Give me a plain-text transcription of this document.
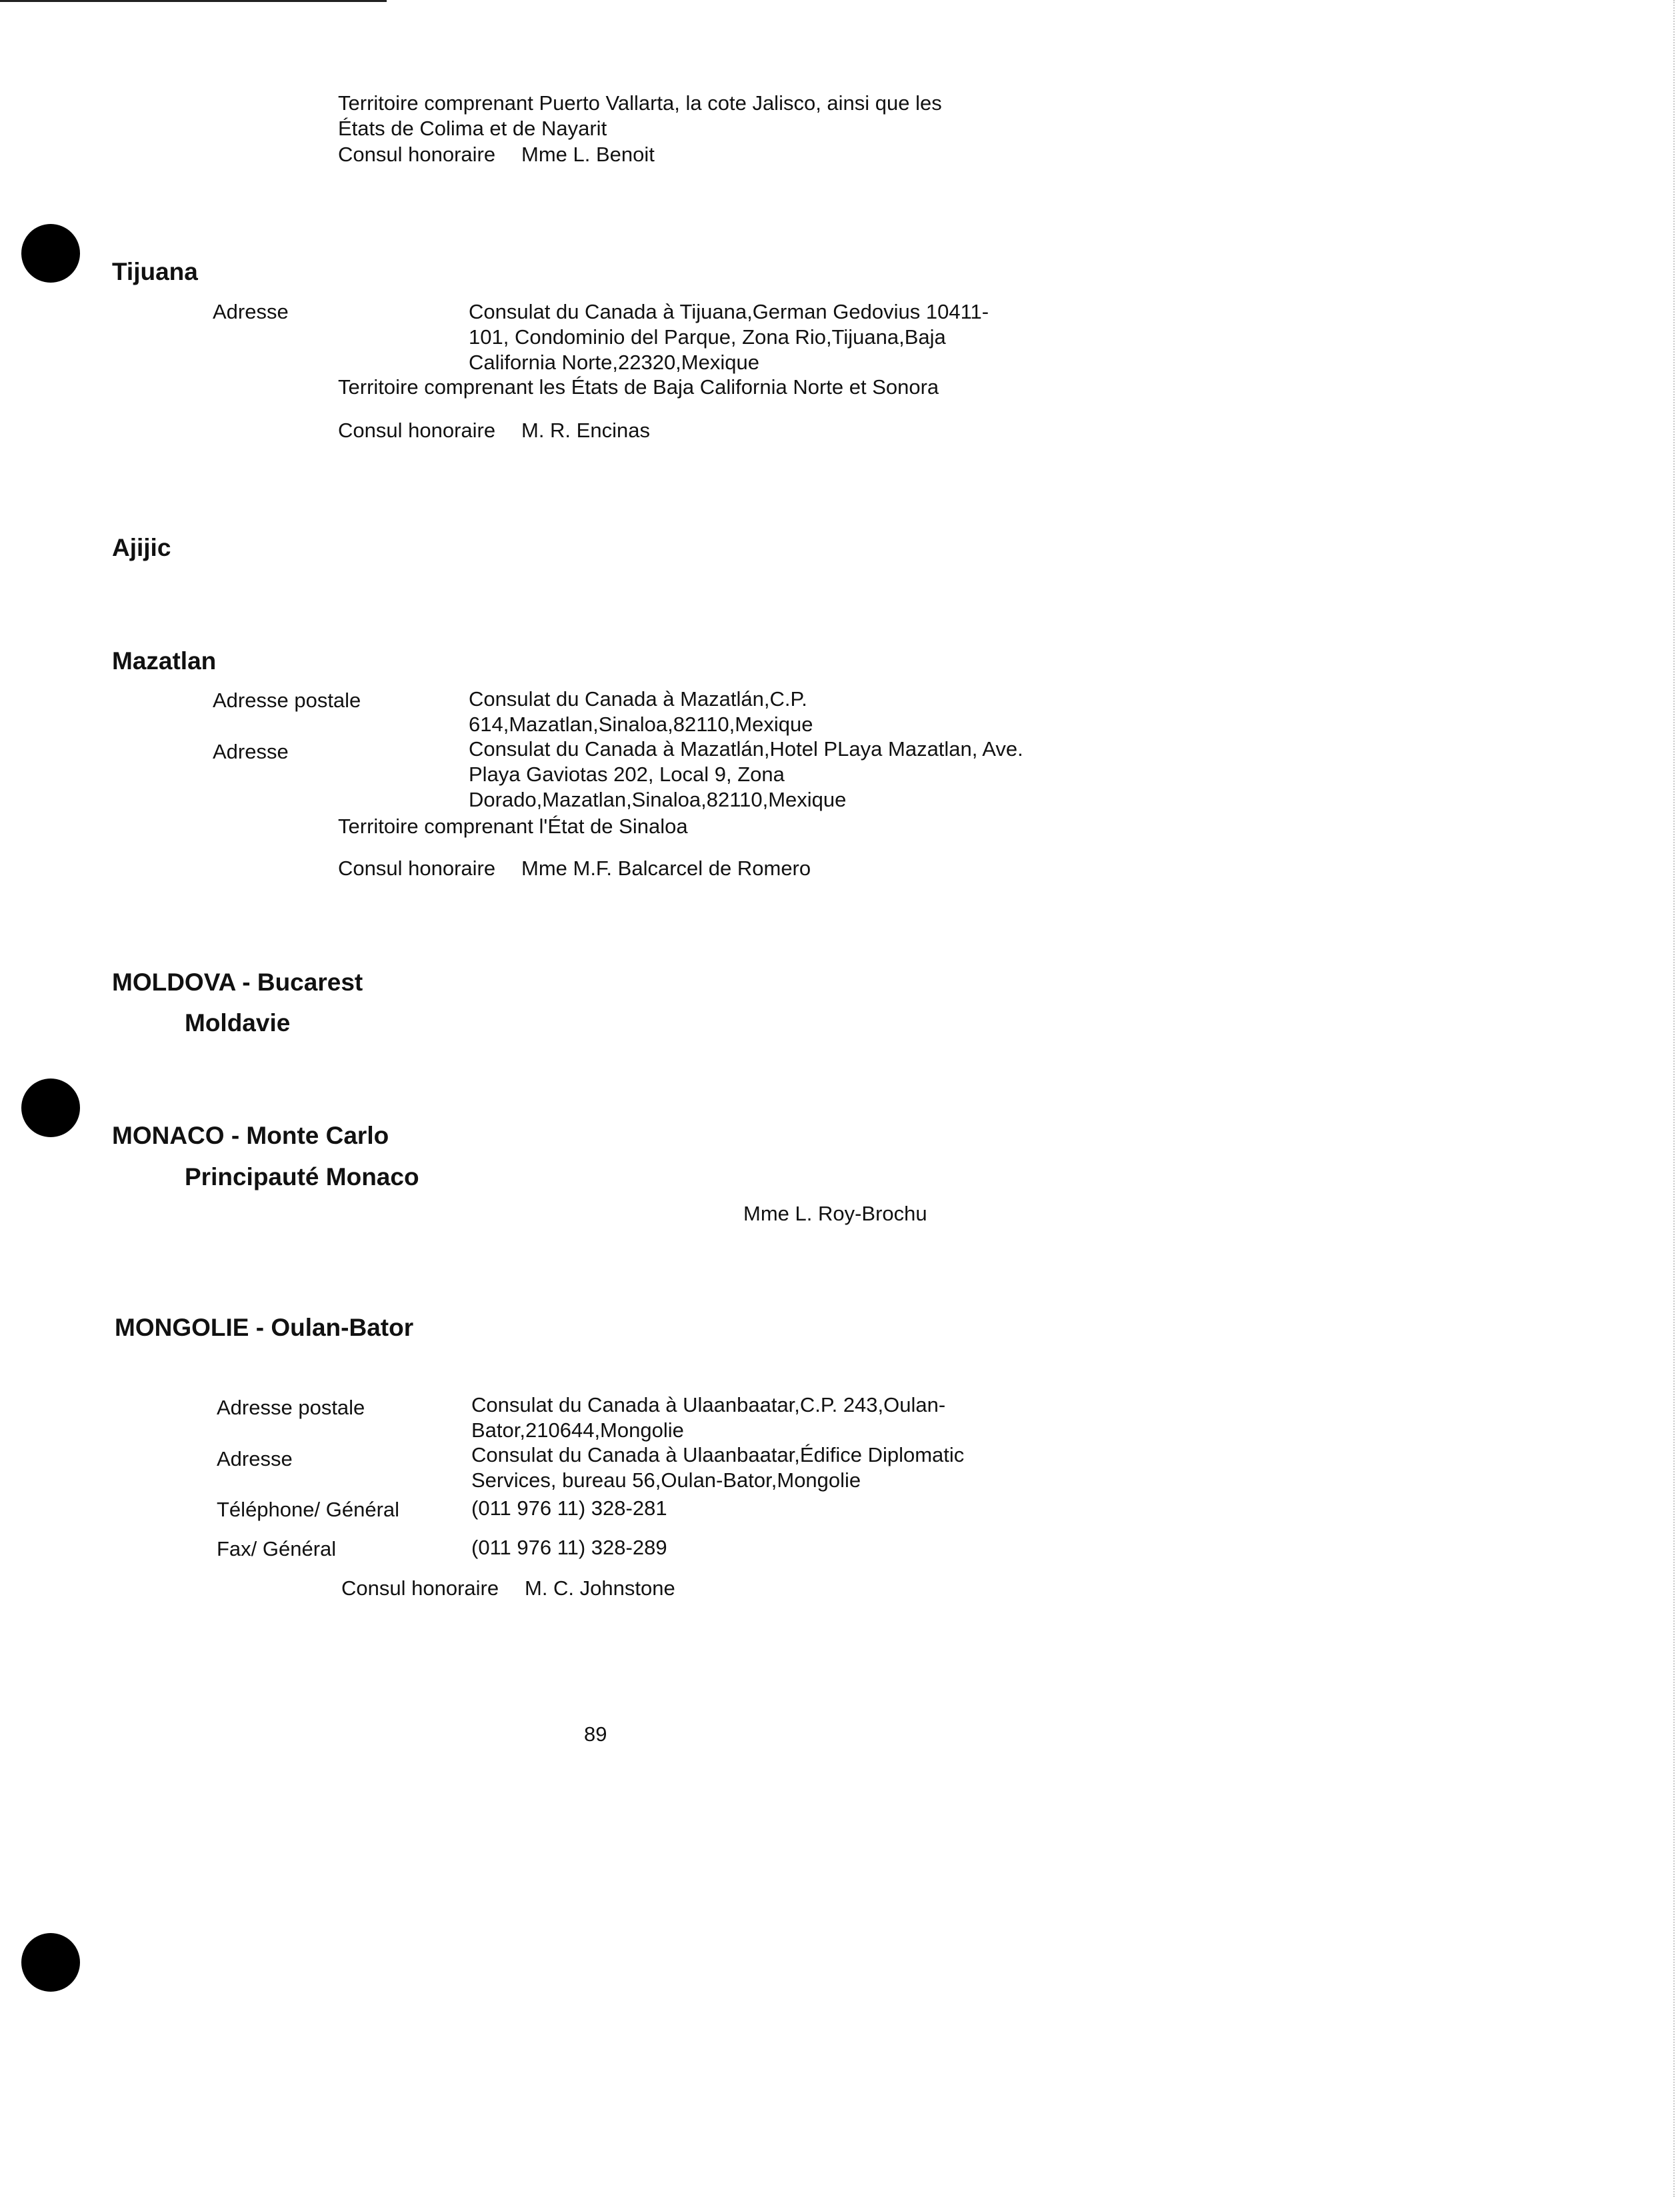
Territoire comprenant Puerto Vallarta, la cote Jalisco, ainsi que les
États de Colima et de Nayarit
Consul honoraire Mme L. Benoit
Tijuana
Adresse	Consulat du Canada à Tijuana,German Gedovius 10411-
101, Condominio del Parque, Zona Rio,Tijuana,Baja
California Norte,22320,Mexique
Territoire comprenant les États de Baja California Norte et Sonora
Consul honoraire M. R. Encinas
Ajijic
Mazatlan
Adresse postale	Consulat du Canada à Mazatlán,C.P.
614,Mazatlan,Sinaloa,82110,Mexique
Adresse	Consulat du Canada à Mazatlán,Hotel PLaya Mazatlan, Ave.
Playa Gaviotas 202, Local 9, Zona
Dorado,Mazatlan,Sinaloa,82110,Mexique
Territoire comprenant l'État de Sinaloa
Consul honoraire Mme M.F. Balcarcel de Romero
MOLDOVA - Bucarest
Moldavie
MONACO - Monte Carlo
Principauté Monaco
Mme L. Roy-Brochu
MONGOLIE - Oulan-Bator
Adresse postale	Consulat du Canada à Ulaanbaatar,C.P. 243,Oulan-
Bator,210644,Mongolie
Adresse	Consulat du Canada à Ulaanbaatar,Édifice Diplomatic
Services, bureau 56,Oulan-Bator,Mongolie
Téléphone/ Général	(011 976 11) 328-281
Fax/ Général	(011 976 11) 328-289
Consul honoraire M. C. Johnstone
89
